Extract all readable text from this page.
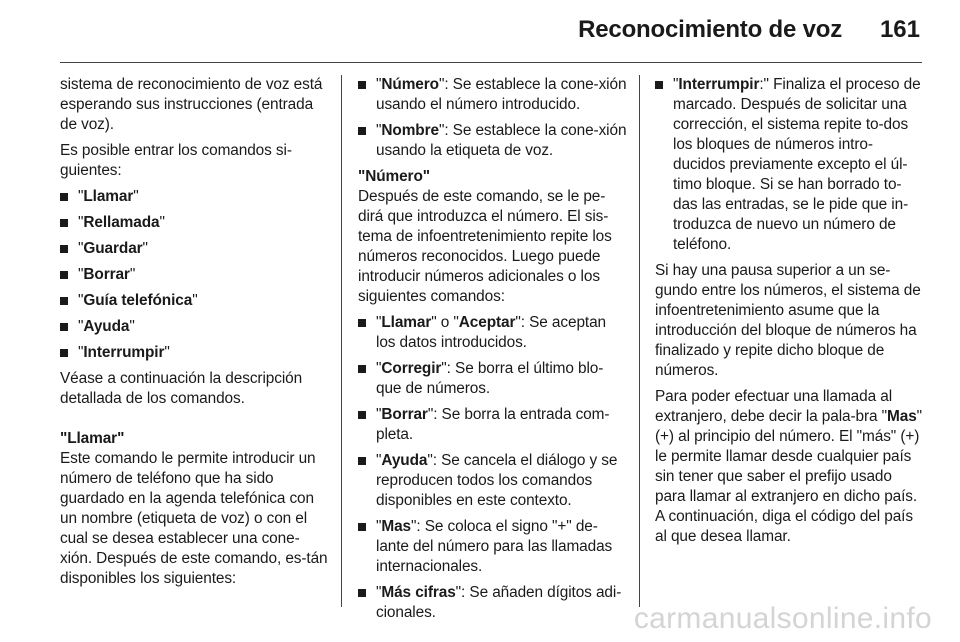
Reconocimiento de voz 161

sistema de reconocimiento de voz está esperando sus instrucciones (entrada de voz).

Es posible entrar los comandos si-guientes:

"Llamar"
"Rellamada"
"Guardar"
"Borrar"
"Guía telefónica"
"Ayuda"
"Interrumpir"

Véase a continuación la descripción detallada de los comandos.

"Llamar"

Este comando le permite introducir un número de teléfono que ha sido guardado en la agenda telefónica con un nombre (etiqueta de voz) o con el cual se desea establecer una cone-xión. Después de este comando, es-tán disponibles los siguientes:

"Número": Se establece la cone-xión usando el número introducido.
"Nombre": Se establece la cone-xión usando la etiqueta de voz.
"Número"

Después de este comando, se le pe-dirá que introduzca el número. El sis-tema de infoentretenimiento repite los números reconocidos. Luego puede introducir números adicionales o los siguientes comandos:

"Llamar" o "Aceptar": Se aceptan los datos introducidos.
"Corregir": Se borra el último blo-que de números.
"Borrar": Se borra la entrada com-pleta.
"Ayuda": Se cancela el diálogo y se reproducen todos los comandos disponibles en este contexto.
"Mas": Se coloca el signo "+" de-lante del número para las llamadas internacionales.
"Más cifras": Se añaden dígitos adi-cionales.
"Interrumpir:" Finaliza el proceso de marcado. Después de solicitar una corrección, el sistema repite to-dos los bloques de números intro-ducidos previamente excepto el úl-timo bloque. Si se han borrado to-das las entradas, se le pide que in-troduzca de nuevo un número de teléfono.

Si hay una pausa superior a un se-gundo entre los números, el sistema de infoentretenimiento asume que la introducción del bloque de números ha finalizado y repite dicho bloque de números.

Para poder efectuar una llamada al extranjero, debe decir la pala-bra "Mas" (+) al principio del número. El "más" (+) le permite llamar desde cualquier país sin tener que saber el prefijo usado para llamar al extranjero en dicho país. A continuación, diga el código del país al que desea llamar.

carmanualsonline.info
